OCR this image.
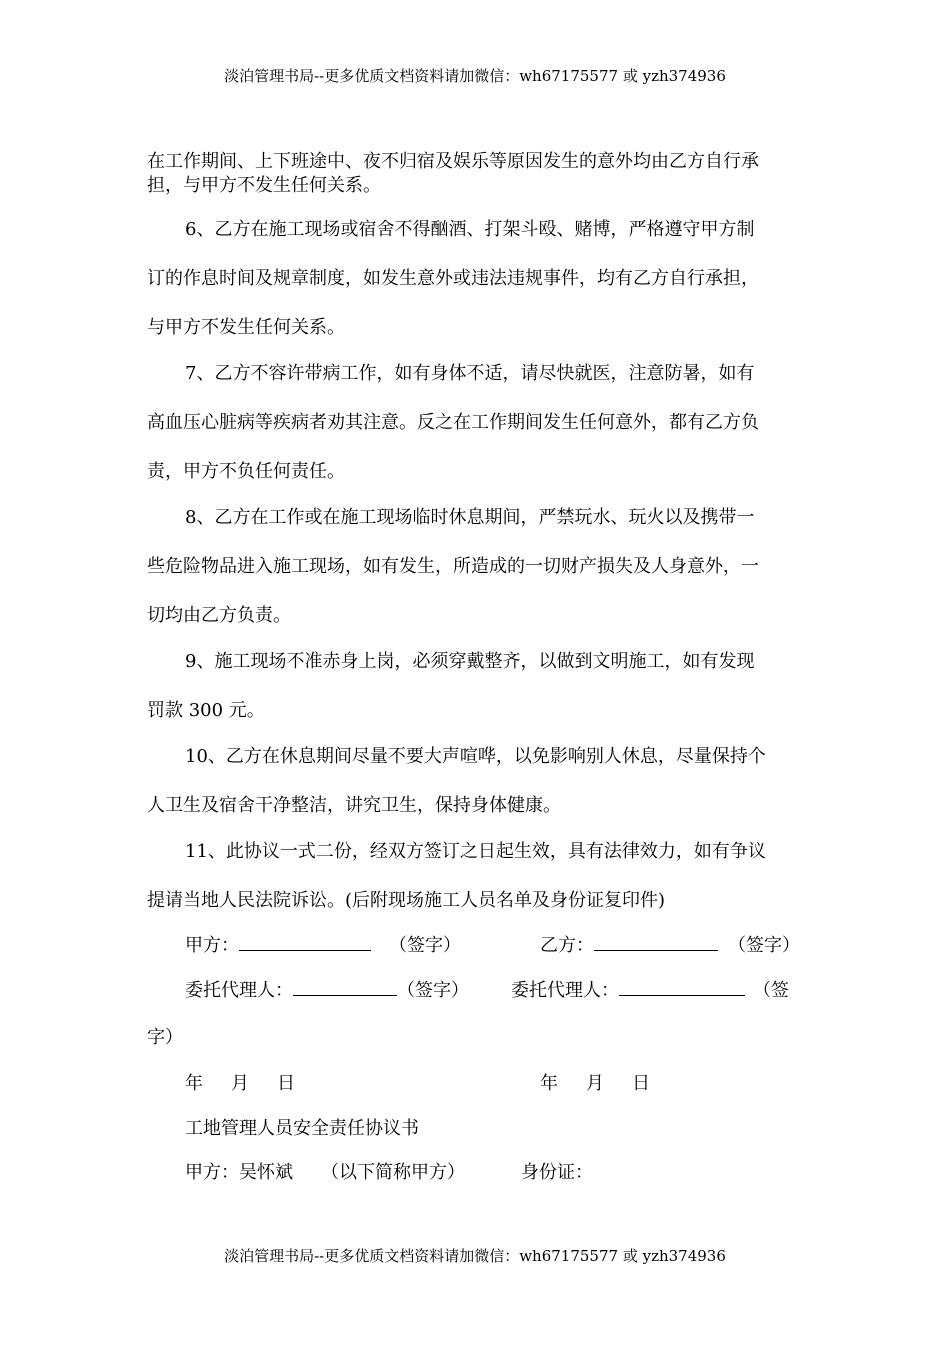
淡泊管理书局--更多优质文档资料请加微信：wh67175577 或 yzh374936
在工作期间、上下班途中、夜不归宿及娱乐等原因发生的意外均由乙方自行承
担，与甲方不发生任何关系。
6、乙方在施工现场或宿舍不得酗酒、打架斗殴、赌博，严格遵守甲方制
订的作息时间及规章制度，如发生意外或违法违规事件，均有乙方自行承担，
与甲方不发生任何关系。
7、乙方不容许带病工作，如有身体不适，请尽快就医，注意防暑，如有
高血压心脏病等疾病者劝其注意。反之在工作期间发生任何意外，都有乙方负
责，甲方不负任何责任。
8、乙方在工作或在施工现场临时休息期间，严禁玩水、玩火以及携带一
些危险物品进入施工现场，如有发生，所造成的一切财产损失及人身意外，一
切均由乙方负责。
9、施工现场不准赤身上岗，必须穿戴整齐，以做到文明施工，如有发现
罚款 300 元。
10、乙方在休息期间尽量不要大声喧哗，以免影响别人休息，尽量保持个
人卫生及宿舍干净整洁，讲究卫生，保持身体健康。
11、此协议一式二份，经双方签订之日起生效，具有法律效力，如有争议
提请当地人民法院诉讼。(后附现场施工人员名单及身份证复印件)
甲方：	（签字）	乙方：	（签字）
委托代理人：	（签字） 委托代理人：	（签
字）
年 月 日	年 月 日
工地管理人员安全责任协议书
甲方：吴怀斌 （以下简称甲方）	身份证：
淡泊管理书局--更多优质文档资料请加微信：wh67175577 或 yzh374936
